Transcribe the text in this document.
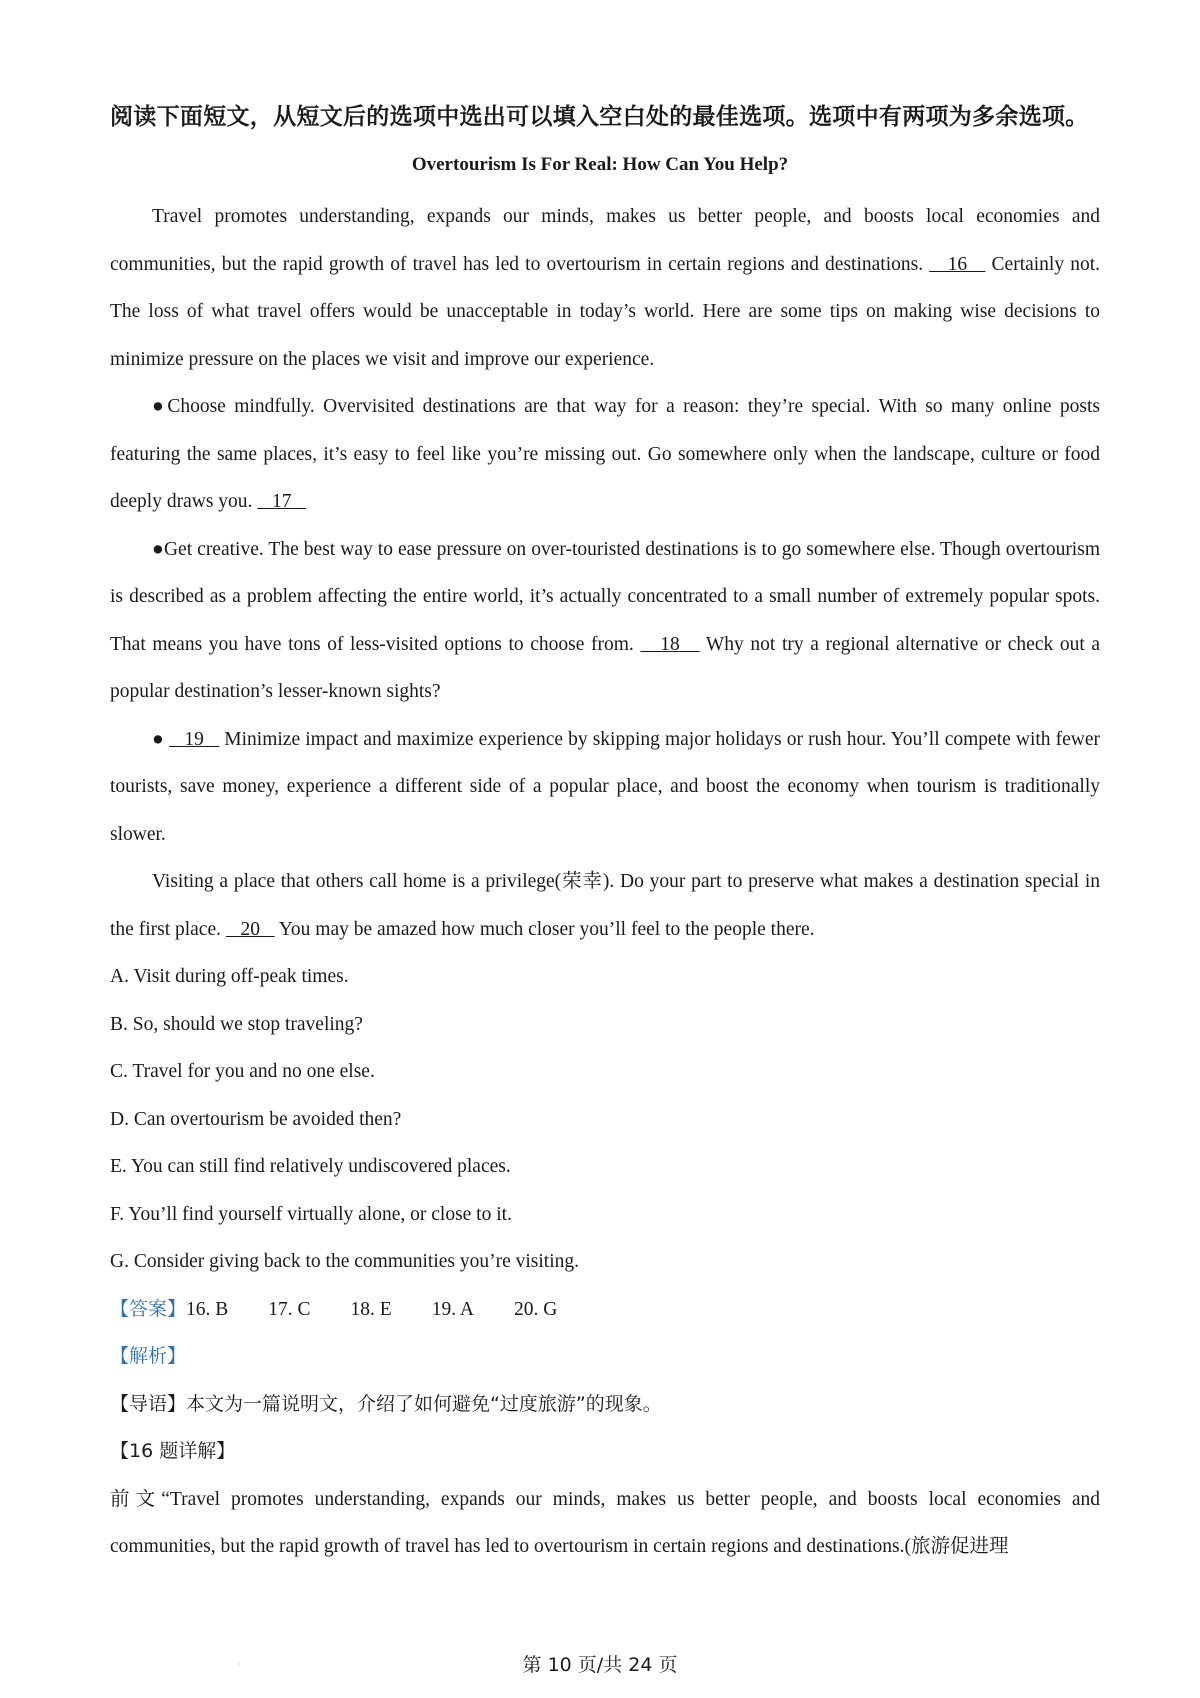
阅读下面短文，从短文后的选项中选出可以填入空白处的最佳选项。选项中有两项为多余选项。
Overtourism Is For Real: How Can You Help?

Travel promotes understanding, expands our minds, makes us better people, and boosts local economies and communities, but the rapid growth of travel has led to overtourism in certain regions and destinations.    16    Certainly not. The loss of what travel offers would be unacceptable in today’s world. Here are some tips on making wise decisions to minimize pressure on the places we visit and improve our experience.

●Choose mindfully. Overvisited destinations are that way for a reason: they’re special. With so many online posts featuring the same places, it’s easy to feel like you’re missing out. Go somewhere only when the landscape, culture or food deeply draws you.    17

●Get creative. The best way to ease pressure on over-touristed destinations is to go somewhere else. Though overtourism is described as a problem affecting the entire world, it’s actually concentrated to a small number of extremely popular spots. That means you have tons of less-visited options to choose from.    18    Why not try a regional alternative or check out a popular destination’s lesser-known sights?

●    19    Minimize impact and maximize experience by skipping major holidays or rush hour. You’ll compete with fewer tourists, save money, experience a different side of a popular place, and boost the economy when tourism is traditionally slower.

Visiting a place that others call home is a privilege(荣幸). Do your part to preserve what makes a destination special in the first place.    20    You may be amazed how much closer you’ll feel to the people there.

A. Visit during off-peak times.

B. So, should we stop traveling?

C. Travel for you and no one else.

D. Can overtourism be avoided then?

E. You can still find relatively undiscovered places.

F. You’ll find yourself virtually alone, or close to it.

G. Consider giving back to the communities you’re visiting.

【答案】16. B 17. C 18. E 19. A 20. G

【解析】

【导语】本文为一篇说明文，介绍了如何避免“过度旅游”的现象。

【16 题详解】

前文“Travel promotes understanding, expands our minds, makes us better people, and boosts local economies and communities, but the rapid growth of travel has led to overtourism in certain regions and destinations.(旅游促进理

·	第 10 页/共 24 页
